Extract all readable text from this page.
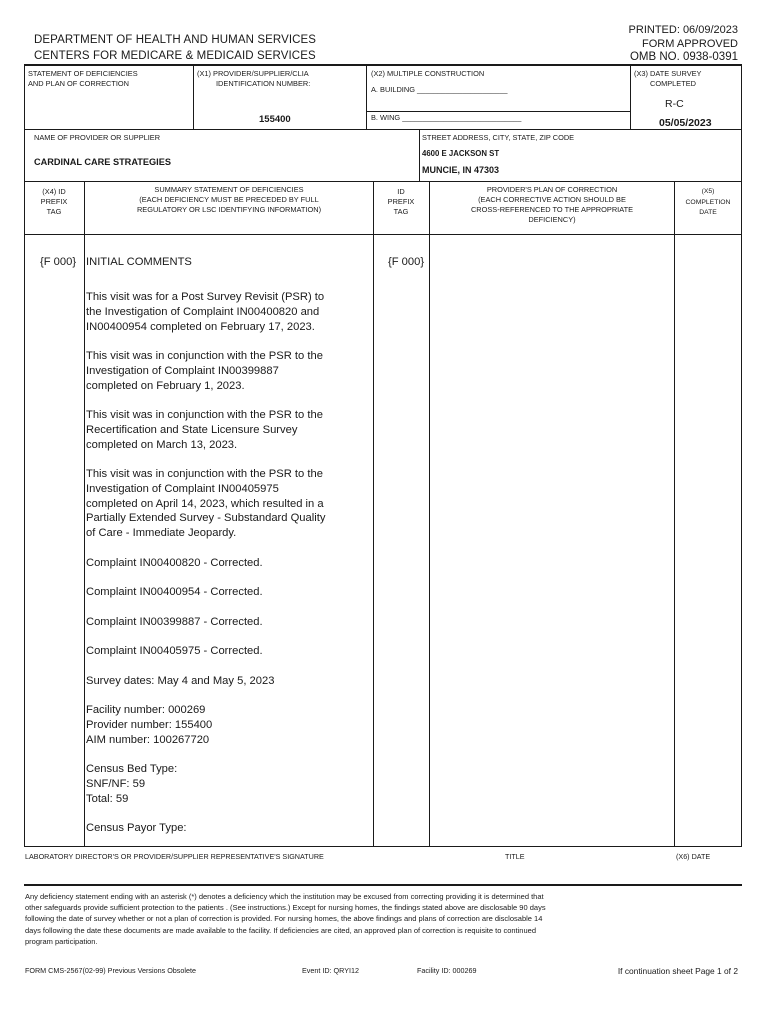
DEPARTMENT OF HEALTH AND HUMAN SERVICES
CENTERS FOR MEDICARE & MEDICAID SERVICES
PRINTED: 06/09/2023
FORM APPROVED
OMB NO. 0938-0391
STATEMENT OF DEFICIENCIES
AND PLAN OF CORRECTION
(X1) PROVIDER/SUPPLIER/CLIA
IDENTIFICATION NUMBER:
155400
(X2) MULTIPLE CONSTRUCTION
A. BUILDING ______________________
B. WING _____________________________
(X3) DATE SURVEY
COMPLETED
R-C
05/05/2023
NAME OF PROVIDER OR SUPPLIER
CARDINAL CARE STRATEGIES
STREET ADDRESS, CITY, STATE, ZIP CODE
4600 E JACKSON ST
MUNCIE, IN 47303
(X4) ID
PREFIX
TAG
SUMMARY STATEMENT OF DEFICIENCIES
(EACH DEFICIENCY MUST BE PRECEDED BY FULL
REGULATORY OR LSC IDENTIFYING INFORMATION)
ID
PREFIX
TAG
PROVIDER'S PLAN OF CORRECTION
(EACH CORRECTIVE ACTION SHOULD BE
CROSS-REFERENCED TO THE APPROPRIATE
DEFICIENCY)
(X5)
COMPLETION
DATE
{F 000} INITIAL COMMENTS	{F 000}
This visit was for a Post Survey Revisit (PSR) to
the Investigation of Complaint IN00400820 and
IN00400954 completed on February 17, 2023.
This visit was in conjunction with the PSR to the
Investigation of Complaint IN00399887
completed on February 1, 2023.
This visit was in conjunction with the PSR to the
Recertification and State Licensure Survey
completed on March 13, 2023.
This visit was in conjunction with the PSR to the
Investigation of Complaint IN00405975
completed on April 14, 2023, which resulted in a
Partially Extended Survey - Substandard Quality
of Care - Immediate Jeopardy.
Complaint IN00400820 - Corrected.
Complaint IN00400954 - Corrected.
Complaint IN00399887 - Corrected.
Complaint IN00405975 - Corrected.
Survey dates: May 4 and May 5, 2023
Facility number: 000269
Provider number: 155400
AIM number: 100267720
Census Bed Type:
SNF/NF: 59
Total: 59
Census Payor Type:
LABORATORY DIRECTOR'S OR PROVIDER/SUPPLIER REPRESENTATIVE'S SIGNATURE	TITLE	(X6) DATE
Any deficiency statement ending with an asterisk (*) denotes a deficiency which the institution may be excused from correcting providing it is determined that
other safeguards provide sufficient protection to the patients . (See instructions.) Except for nursing homes, the findings stated above are disclosable 90 days
following the date of survey whether or not a plan of correction is provided. For nursing homes, the above findings and plans of correction are disclosable 14
days following the date these documents are made available to the facility. If deficiencies are cited, an approved plan of correction is requisite to continued
program participation.
FORM CMS-2567(02-99) Previous Versions Obsolete	Event ID: QRYI12	Facility ID: 000269	If continuation sheet Page 1 of 2
